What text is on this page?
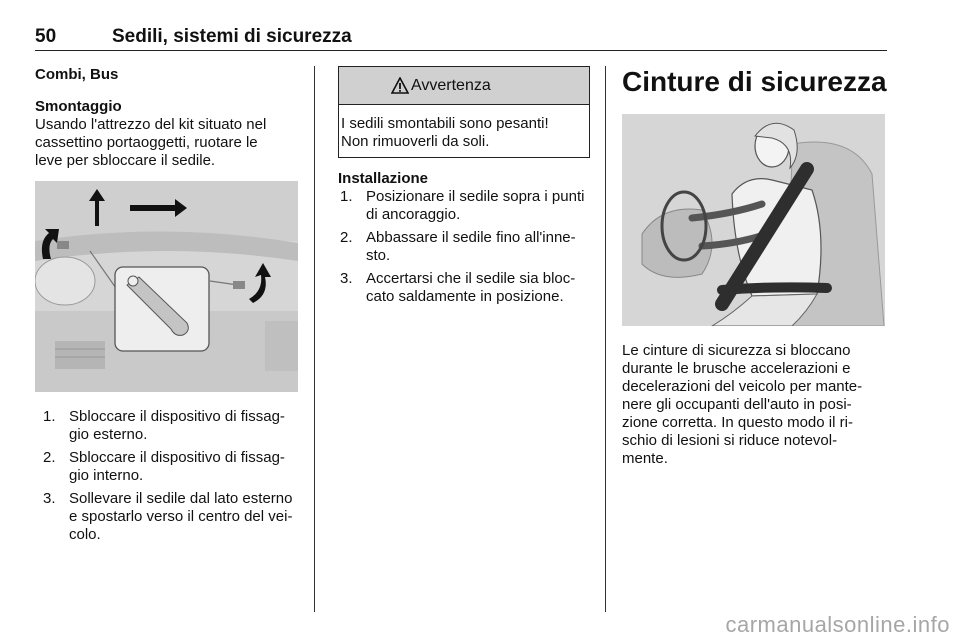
50	Sedili, sistemi di sicurezza
Combi, Bus
Smontaggio
Usando l'attrezzo del kit situato nel
cassettino portaoggetti, ruotare le
leve per sbloccare il sedile.
1. Sbloccare il dispositivo di fissag-
gio esterno.
2. Sbloccare il dispositivo di fissag-
gio interno.
3. Sollevare il sedile dal lato esterno
e spostarlo verso il centro del vei-
colo.
Avvertenza
I sedili smontabili sono pesanti!
Non rimuoverli da soli.
Installazione
1. Posizionare il sedile sopra i punti
di ancoraggio.
2. Abbassare il sedile fino all'inne-
sto.
3. Accertarsi che il sedile sia bloc-
cato saldamente in posizione.
Cinture di sicurezza
Le cinture di sicurezza si bloccano
durante le brusche accelerazioni e
decelerazioni del veicolo per mante-
nere gli occupanti dell'auto in posi-
zione corretta. In questo modo il ri-
schio di lesioni si riduce notevol-
mente.
carmanualsonline.info
